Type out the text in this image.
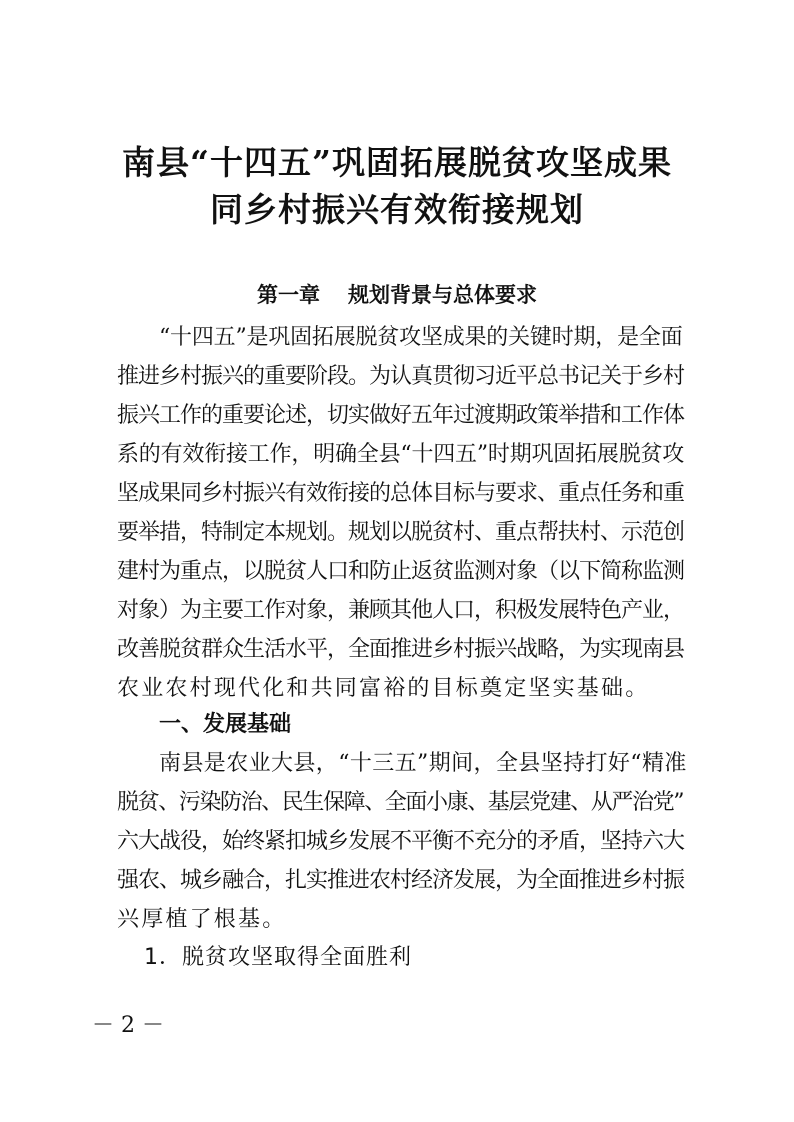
南县“十四五”巩固拓展脱贫攻坚成果
同乡村振兴有效衔接规划
第一章 规划背景与总体要求
“十四五”是巩固拓展脱贫攻坚成果的关键时期，是全面
推进乡村振兴的重要阶段。为认真贯彻习近平总书记关于乡村
振兴工作的重要论述，切实做好五年过渡期政策举措和工作体
系的有效衔接工作，明确全县“十四五”时期巩固拓展脱贫攻
坚成果同乡村振兴有效衔接的总体目标与要求、重点任务和重
要举措，特制定本规划。规划以脱贫村、重点帮扶村、示范创
建村为重点，以脱贫人口和防止返贫监测对象（以下简称监测
对象）为主要工作对象，兼顾其他人口，积极发展特色产业，
改善脱贫群众生活水平，全面推进乡村振兴战略，为实现南县
农业农村现代化和共同富裕的目标奠定坚实基础。
一、发展基础
南县是农业大县，“十三五”期间，全县坚持打好“精准
脱贫、污染防治、民生保障、全面小康、基层党建、从严治党”
六大战役，始终紧扣城乡发展不平衡不充分的矛盾，坚持六大
强农、城乡融合，扎实推进农村经济发展，为全面推进乡村振
兴厚植了根基。
1．脱贫攻坚取得全面胜利
－ 2 －
